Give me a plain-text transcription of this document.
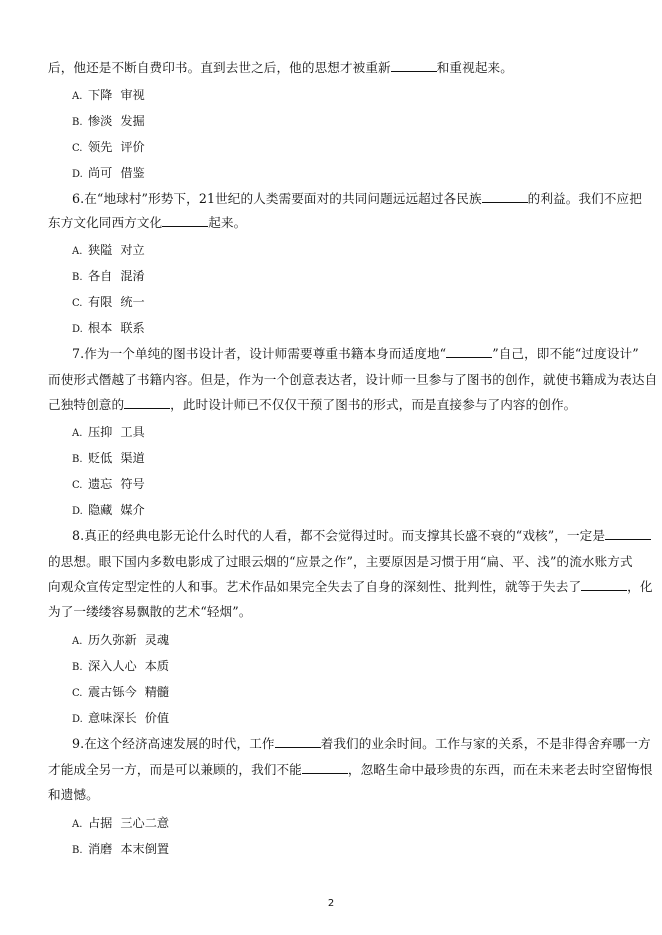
后，他还是不断自费印书。直到去世之后，他的思想才被重新	和重视起来。
A. 下降 审视
B. 惨淡 发掘
C. 领先 评价
D. 尚可 借鉴
6.在“地球村”形势下，21世纪的人类需要面对的共同问题远远超过各民族	的利益。我们不应把
东方文化同西方文化	起来。
A. 狭隘 对立
B. 各自 混淆
C. 有限 统一
D. 根本 联系
7.作为一个单纯的图书设计者，设计师需要尊重书籍本身而适度地“	”自己，即不能“过度设计”
而使形式僭越了书籍内容。但是，作为一个创意表达者，设计师一旦参与了图书的创作，就使书籍成为表达自
己独特创意的	，此时设计师已不仅仅干预了图书的形式，而是直接参与了内容的创作。
A. 压抑 工具
B. 贬低 渠道
C. 遗忘 符号
D. 隐藏 媒介
8.真正的经典电影无论什么时代的人看，都不会觉得过时。而支撑其长盛不衰的“戏核”，一定是
的思想。眼下国内多数电影成了过眼云烟的“应景之作”，主要原因是习惯于用“扁、平、浅”的流水账方式
向观众宣传定型定性的人和事。艺术作品如果完全失去了自身的深刻性、批判性，就等于失去了	，化
为了一缕缕容易飘散的艺术“轻烟”。
A. 历久弥新 灵魂
B. 深入人心 本质
C. 震古铄今 精髓
D. 意味深长 价值
9.在这个经济高速发展的时代，工作	着我们的业余时间。工作与家的关系，不是非得舍弃哪一方
才能成全另一方，而是可以兼顾的，我们不能	，忽略生命中最珍贵的东西，而在未来老去时空留悔恨
和遗憾。
A. 占据 三心二意
B. 消磨 本末倒置
2
